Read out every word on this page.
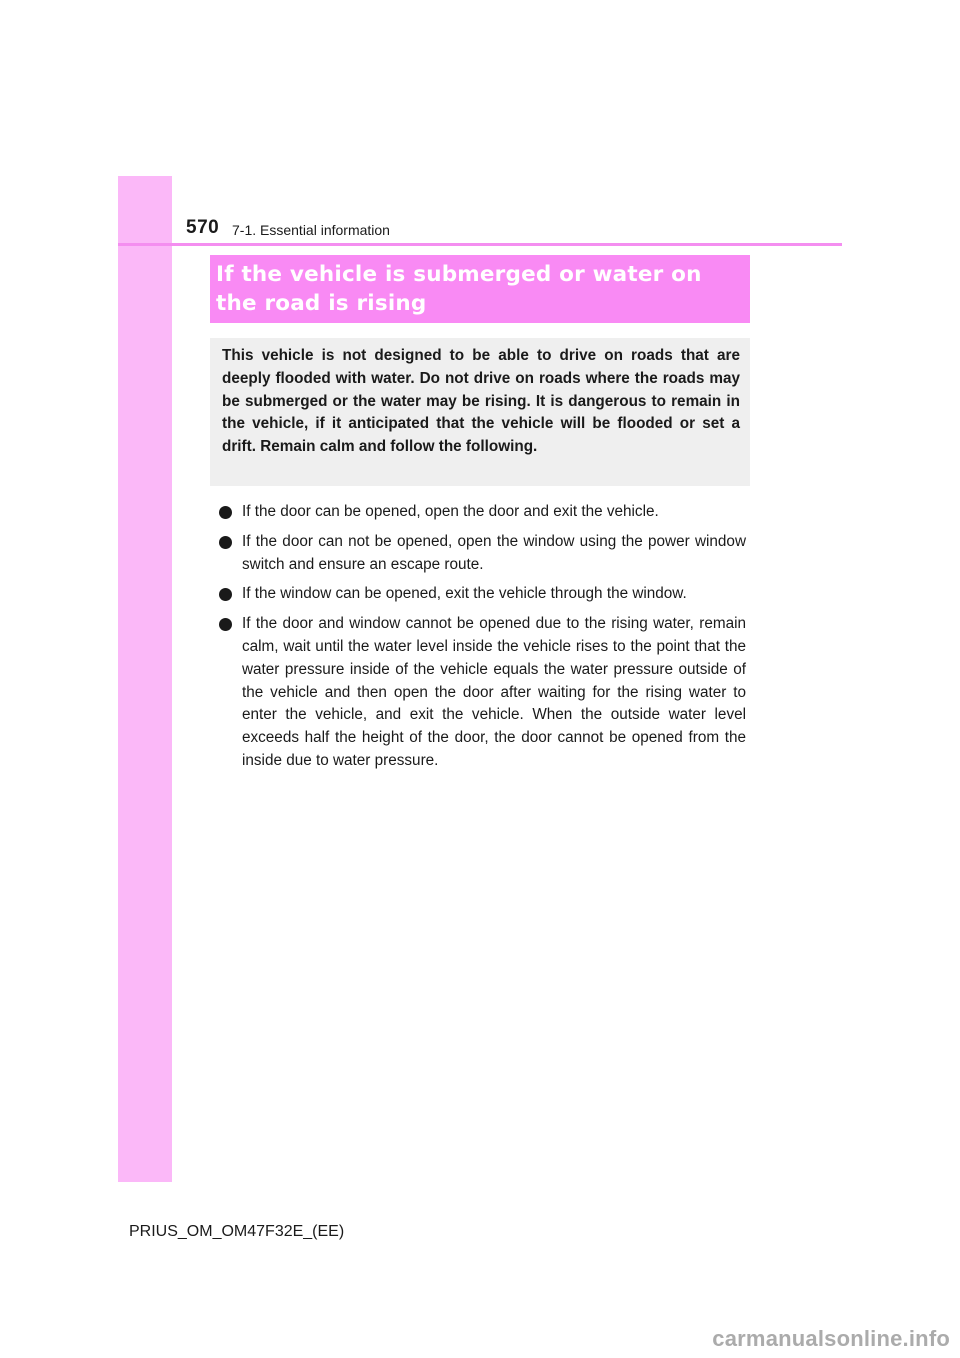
570 7-1. Essential information
If the vehicle is submerged or water on the road is rising

This vehicle is not designed to be able to drive on roads that are deeply flooded with water. Do not drive on roads where the roads may be submerged or the water may be rising. It is dangerous to remain in the vehicle, if it anticipated that the vehicle will be flooded or set a drift. Remain calm and follow the following.

If the door can be opened, open the door and exit the vehicle.
If the door can not be opened, open the window using the power window switch and ensure an escape route.
If the window can be opened, exit the vehicle through the window.
If the door and window cannot be opened due to the rising water, remain calm, wait until the water level inside the vehicle rises to the point that the water pressure inside of the vehicle equals the water pressure outside of the vehicle and then open the door after waiting for the rising water to enter the vehicle, and exit the vehicle. When the outside water level exceeds half the height of the door, the door cannot be opened from the inside due to water pressure.
PRIUS_OM_OM47F32E_(EE)
carmanualsonline.info
